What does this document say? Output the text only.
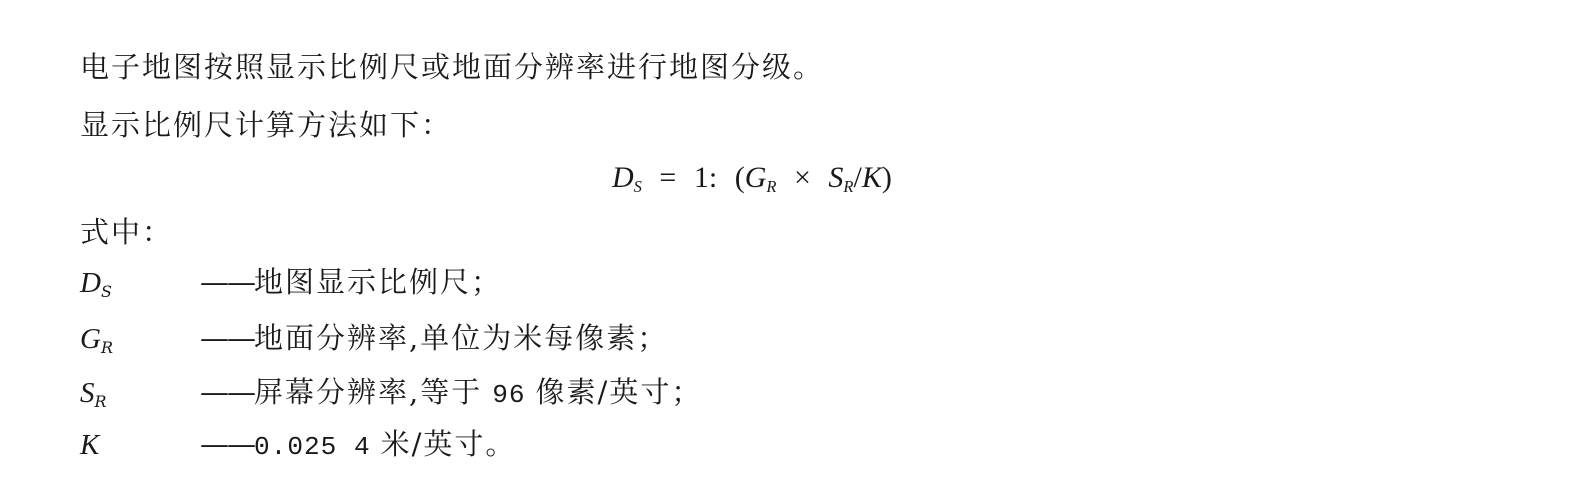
电子地图按照显示比例尺或地面分辨率进行地图分级。
显示比例尺计算方法如下：
$D_S = 1$: $(G_R \times S_R/K)$
式中：
$D_S$	——地图显示比例尺；
$G_R$	——地面分辨率,单位为米每像素；
$S_R$	——屏幕分辨率,等于 96 像素/英寸；
K	——0.025 4 米/英寸。
